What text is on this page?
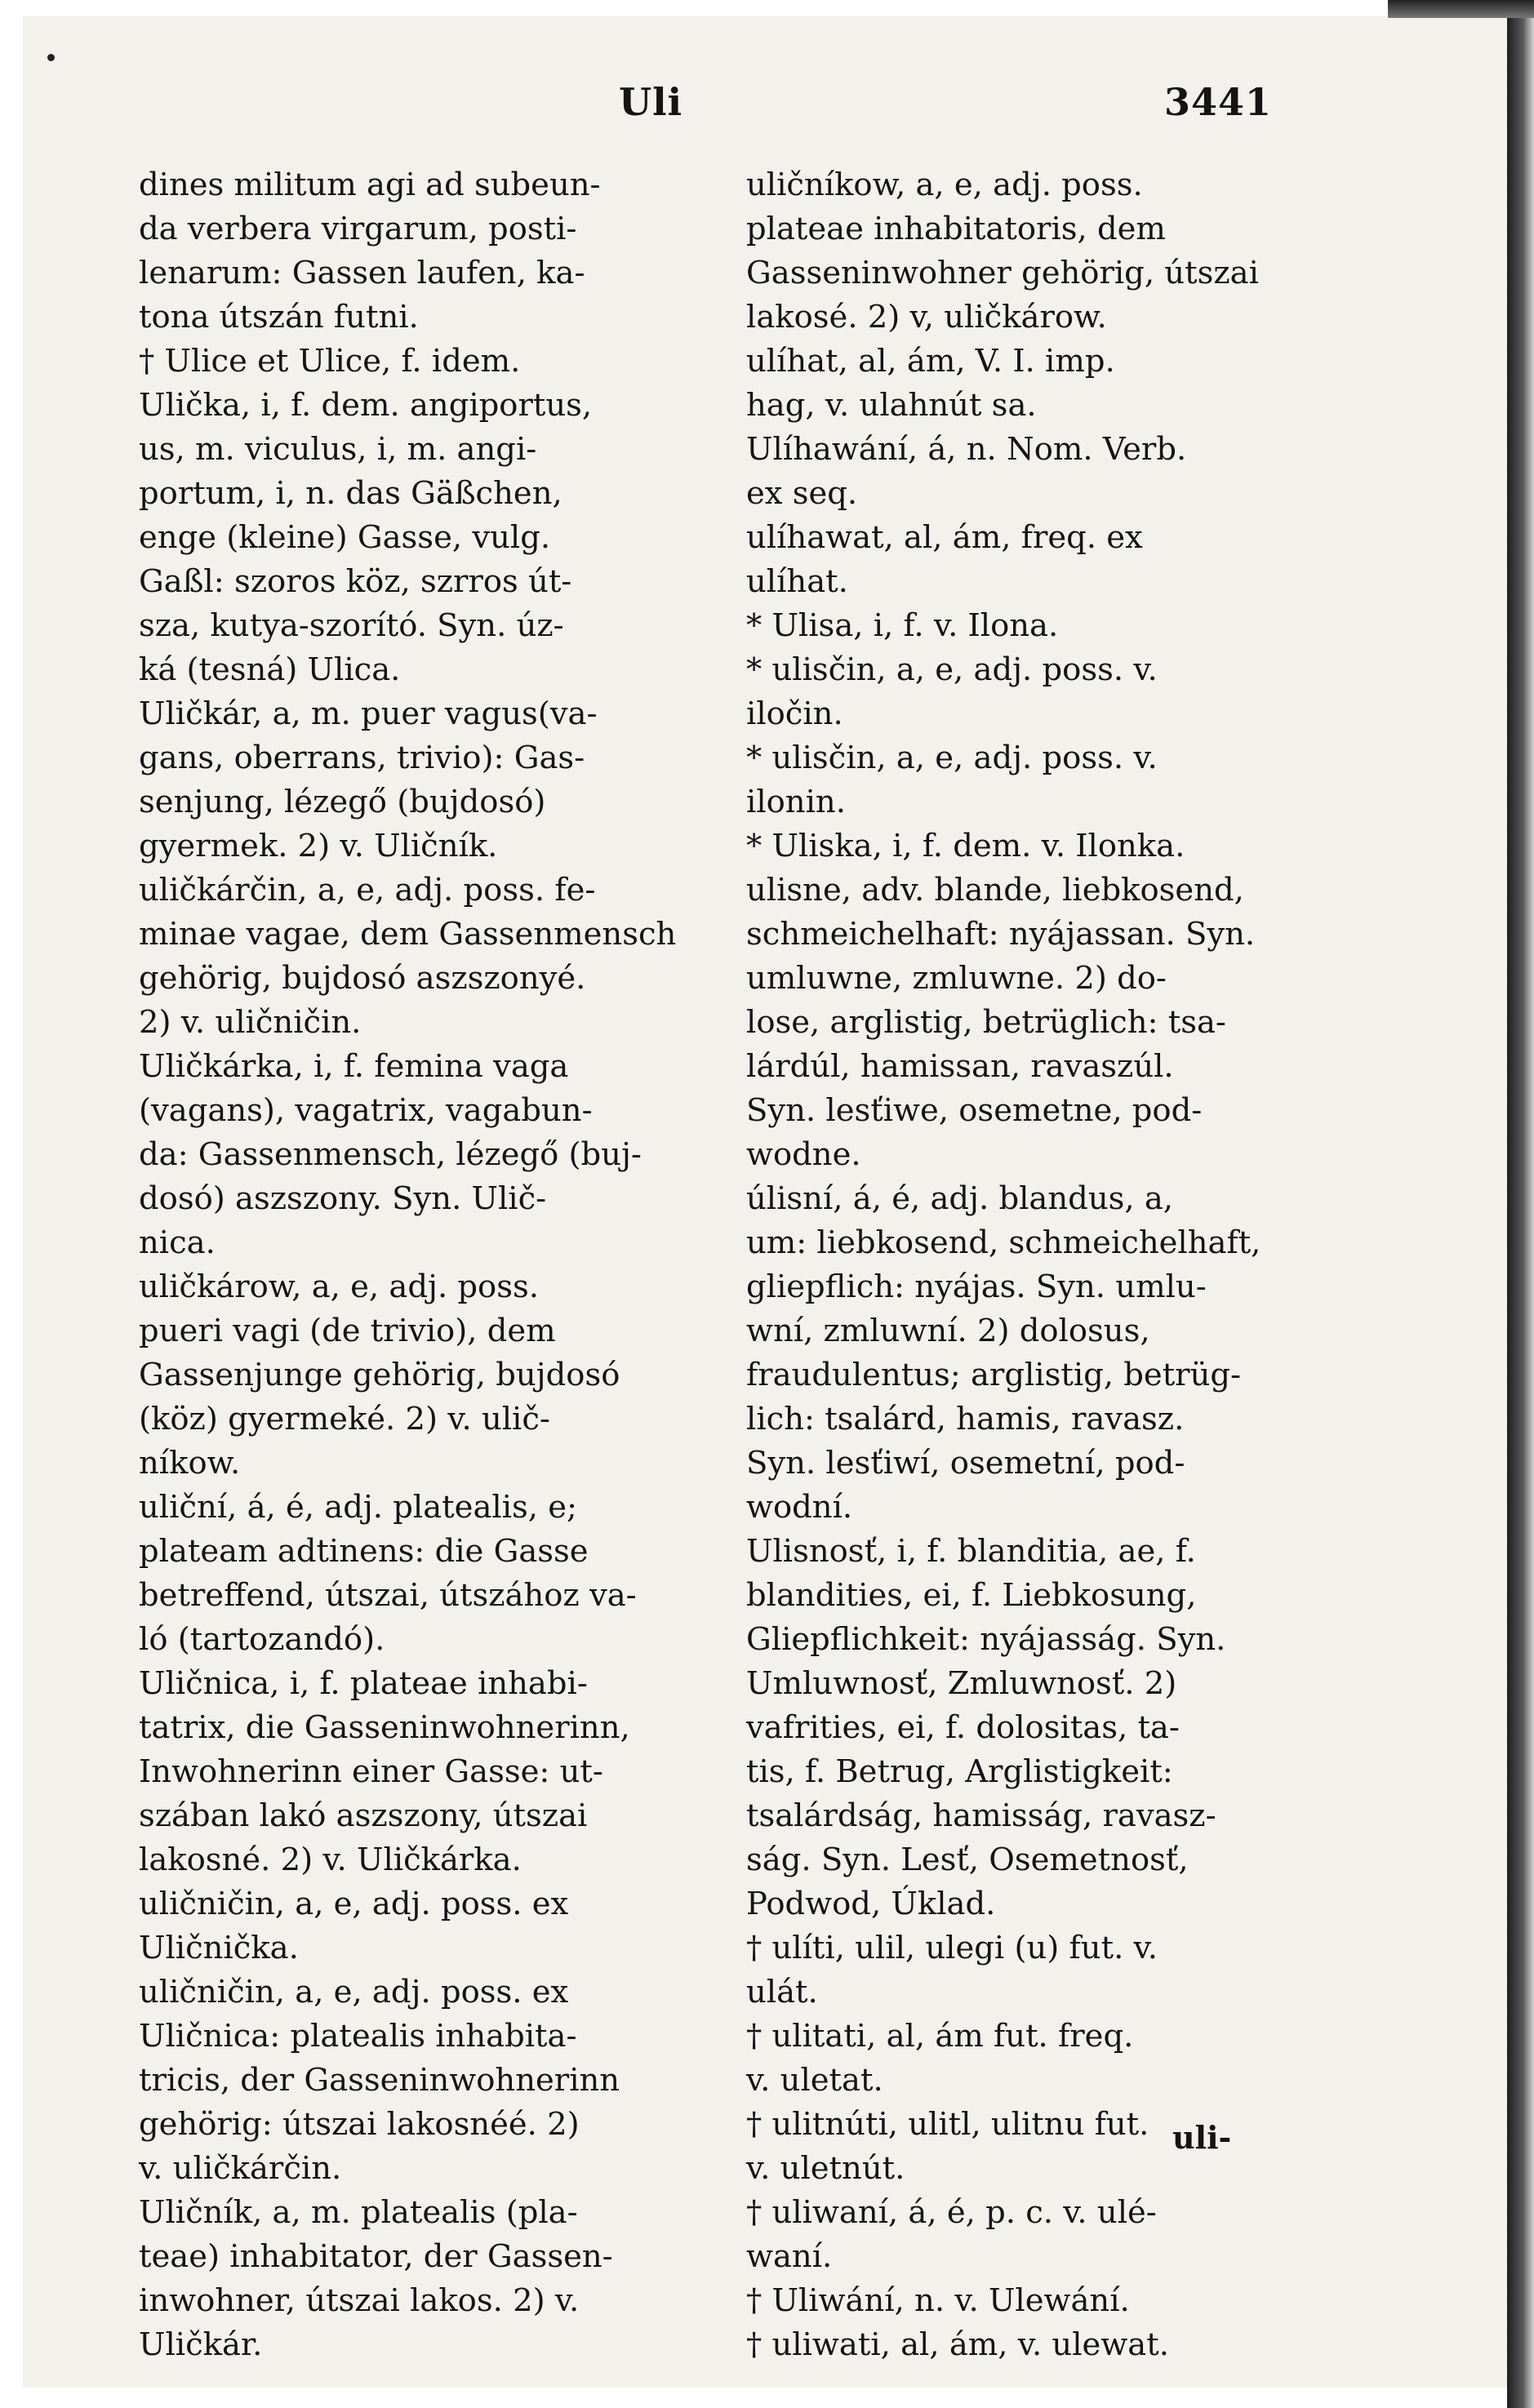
Uli	3441
dines militum agi ad subeun-
da verbera virgarum, posti-
lenarum: Gassen laufen, ka-
tona útszán futni.
† Ulice et Ulice, f. idem.
Ulička, i, f. dem. angiportus,
us, m. viculus, i, m. angi-
portum, i, n. das Gäßchen,
enge (kleine) Gasse, vulg.
Gaßl: szoros köz, szrros út-
sza, kutya-szorító. Syn. úz-
ká (tesná) Ulica.
Uličkár, a, m. puer vagus(va-
gans, oberrans, trivio): Gas-
senjung, lézegő (bujdosó)
gyermek. 2) v. Uličník.
uličkárčin, a, e, adj. poss. fe-
minae vagae, dem Gassenmensch
gehörig, bujdosó aszszonyé.
2) v. uličničin.
Uličkárka, i, f. femina vaga
(vagans), vagatrix, vagabun-
da: Gassenmensch, lézegő (buj-
dosó) aszszony. Syn. Ulič-
nica.
uličkárow, a, e, adj. poss.
pueri vagi (de trivio), dem
Gassenjunge gehörig, bujdosó
(köz) gyermeké. 2) v. ulič-
níkow.
uliční, á, é, adj. platealis, e;
plateam adtinens: die Gasse
betreffend, útszai, útszához va-
ló (tartozandó).
Uličnica, i, f. plateae inhabi-
tatrix, die Gasseninwohnerinn,
Inwohnerinn einer Gasse: ut-
szában lakó aszszony, útszai
lakosné. 2) v. Uličkárka.
uličničin, a, e, adj. poss. ex
Uličnička.
uličničin, a, e, adj. poss. ex
Uličnica: platealis inhabita-
tricis, der Gasseninwohnerinn
gehörig: útszai lakosnéé. 2)
v. uličkárčin.
Uličník, a, m. platealis (pla-
teae) inhabitator, der Gassen-
inwohner, útszai lakos. 2) v.
Uličkár.
uličníkow, a, e, adj. poss.
plateae inhabitatoris, dem
Gasseninwohner gehörig, útszai
lakosé. 2) v, uličkárow.
ulíhat, al, ám, V. I. imp.
hag, v. ulahnút sa.
Ulíhawání, á, n. Nom. Verb.
ex seq.
ulíhawat, al, ám, freq. ex
ulíhat.
* Ulisa, i, f. v. Ilona.
* ulisčin, a, e, adj. poss. v.
iločin.
* ulisčin, a, e, adj. poss. v.
ilonin.
* Uliska, i, f. dem. v. Ilonka.
ulisne, adv. blande, liebkosend,
schmeichelhaft: nyájassan. Syn.
umluwne, zmluwne. 2) do-
lose, arglistig, betrüglich: tsa-
lárdúl, hamissan, ravaszúl.
Syn. lesťiwe, osemetne, pod-
wodne.
úlisní, á, é, adj. blandus, a,
um: liebkosend, schmeichelhaft,
gliepflich: nyájas. Syn. umlu-
wní, zmluwní. 2) dolosus,
fraudulentus; arglistig, betrüg-
lich: tsalárd, hamis, ravasz.
Syn. lesťiwí, osemetní, pod-
wodní.
Ulisnosť, i, f. blanditia, ae, f.
blandities, ei, f. Liebkosung,
Gliepflichkeit: nyájasság. Syn.
Umluwnosť, Zmluwnosť. 2)
vafrities, ei, f. dolositas, ta-
tis, f. Betrug, Arglistigkeit:
tsalárdság, hamisság, ravasz-
ság. Syn. Lesť, Osemetnosť,
Podwod, Úklad.
† ulíti, ulil, ulegi (u) fut. v.
ulát.
† ulitati, al, ám fut. freq.
v. uletat.
† ulitnúti, ulitl, ulitnu fut.
v. uletnút.
† uliwaní, á, é, p. c. v. ulé-
waní.
† Uliwání, n. v. Ulewání.
† uliwati, al, ám, v. ulewat.
uli-
